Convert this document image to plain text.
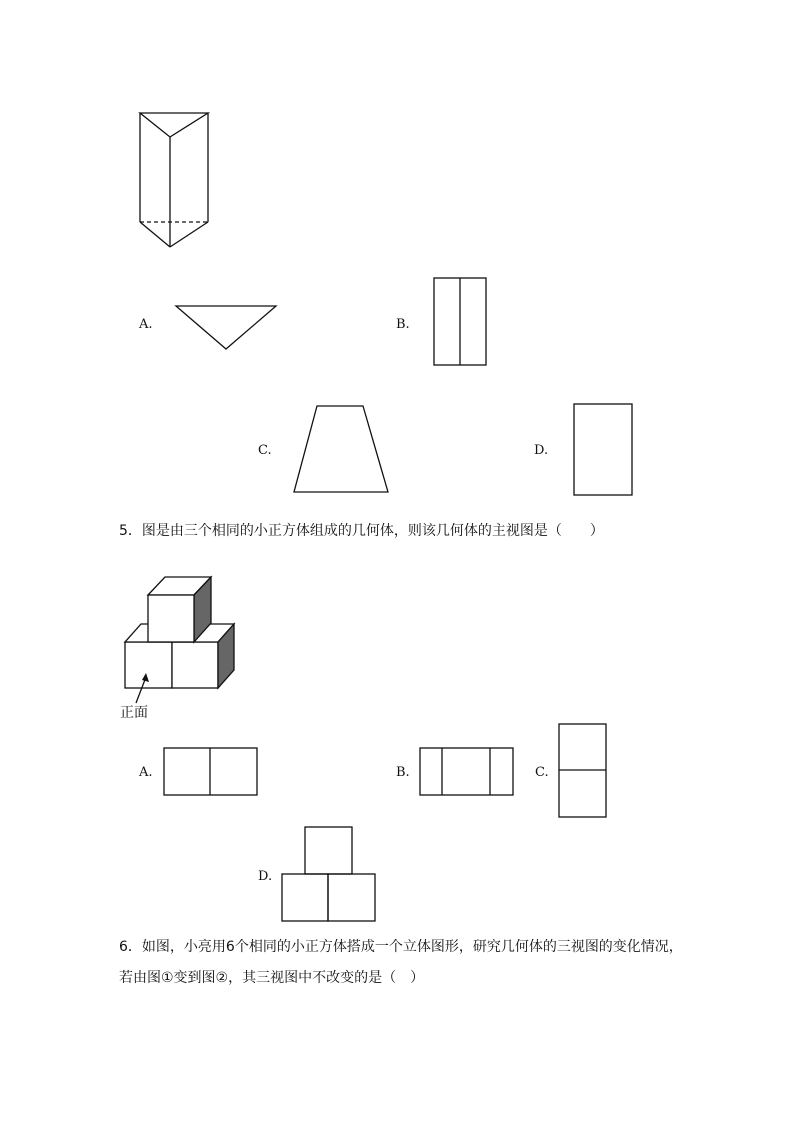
A.	B.
C.	D.
5．图是由三个相同的小正方体组成的几何体，则该几何体的主视图是（　　）
正面
A.	B.	C.
D.
6．如图，小亮用6个相同的小正方体搭成一个立体图形，研究几何体的三视图的变化情况，
若由图①变到图②，其三视图中不改变的是（　）
